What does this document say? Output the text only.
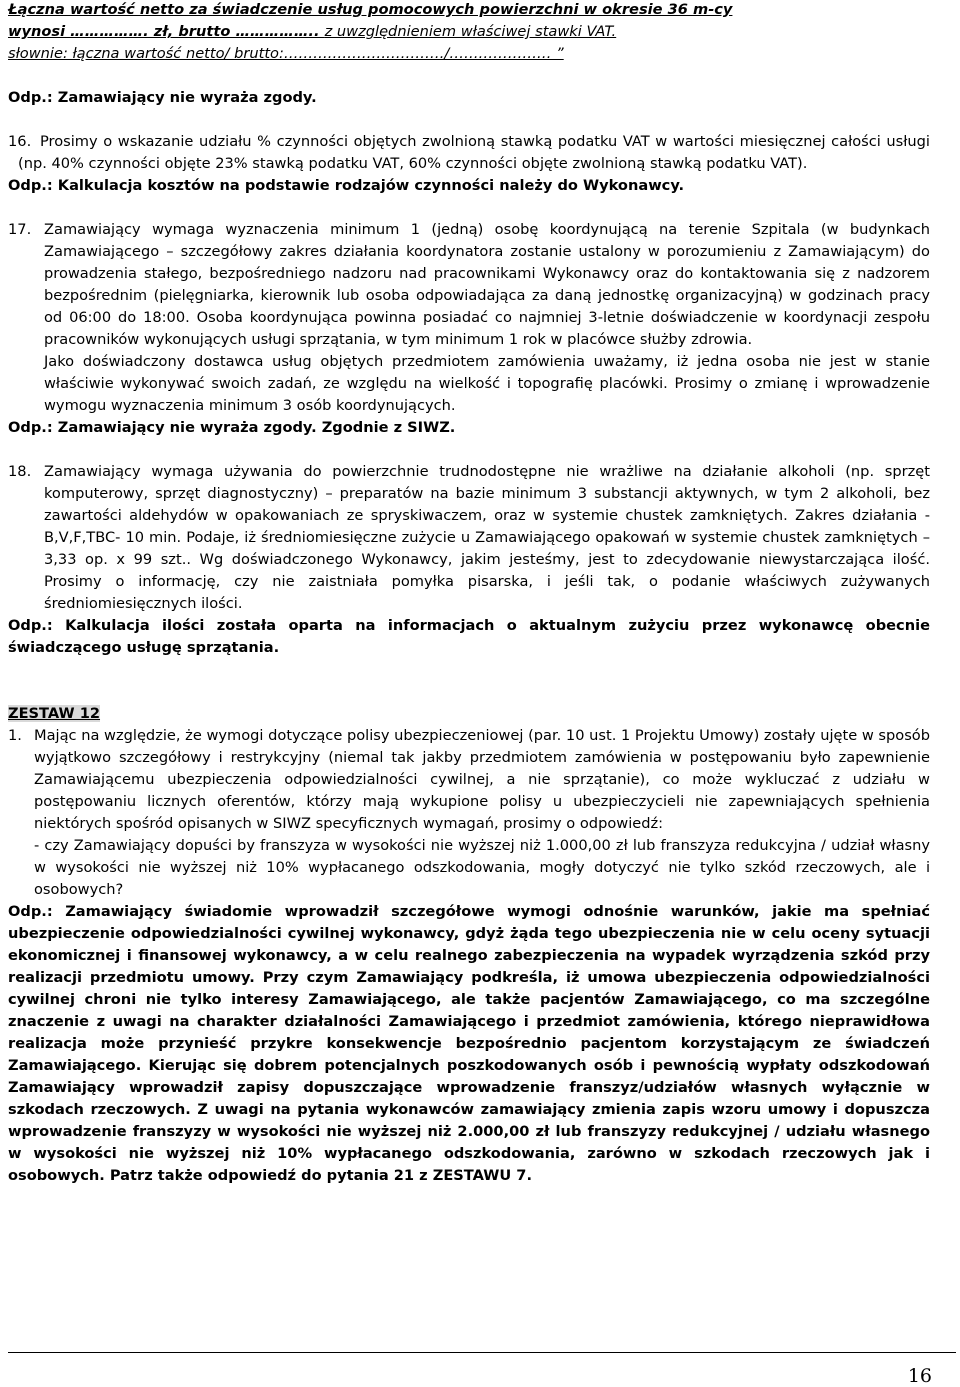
Łączna wartość netto za świadczenie usług pomocowych powierzchni w okresie 36 m-cy

wynosi ……………. zł, brutto …………….. z uwzględnieniem właściwej stawki VAT.

słownie: łączna wartość netto/ brutto:……………………………/………………… ”

Odp.: Zamawiający nie wyraża zgody.

16. Prosimy o wskazanie udziału % czynności objętych zwolnioną stawką podatku VAT w wartości miesięcznej całości usługi (np. 40% czynności objęte 23% stawką podatku VAT, 60% czynności objęte zwolnioną stawką podatku VAT).

Odp.: Kalkulacja kosztów na podstawie rodzajów czynności należy do Wykonawcy.

17. Zamawiający wymaga wyznaczenia minimum 1 (jedną) osobę koordynującą na terenie Szpitala (w budynkach Zamawiającego – szczegółowy zakres działania koordynatora zostanie ustalony w porozumieniu z Zamawiającym) do prowadzenia stałego, bezpośredniego nadzoru nad pracownikami Wykonawcy oraz do kontaktowania się z nadzorem bezpośrednim (pielęgniarka, kierownik lub osoba odpowiadająca za daną jednostkę organizacyjną) w godzinach pracy od 06:00 do 18:00. Osoba koordynująca powinna posiadać co najmniej 3-letnie doświadczenie w koordynacji zespołu pracowników wykonujących usługi sprzątania, w tym minimum 1 rok w placówce służby zdrowia.

Jako doświadczony dostawca usług objętych przedmiotem zamówienia uważamy, iż jedna osoba nie jest w stanie właściwie wykonywać swoich zadań, ze względu na wielkość i topografię placówki. Prosimy o zmianę i wprowadzenie wymogu wyznaczenia minimum 3 osób koordynujących.

Odp.: Zamawiający nie wyraża zgody. Zgodnie z SIWZ.

18. Zamawiający wymaga używania do powierzchnie trudnodostępne nie wrażliwe na działanie alkoholi (np. sprzęt komputerowy, sprzęt diagnostyczny) – preparatów na bazie minimum 3 substancji aktywnych, w tym 2 alkoholi, bez zawartości aldehydów w opakowaniach ze spryskiwaczem, oraz w systemie chustek zamkniętych. Zakres działania -B,V,F,TBC- 10 min. Podaje, iż średniomiesięczne zużycie u Zamawiającego opakowań w systemie chustek zamkniętych – 3,33 op. x 99 szt.. Wg doświadczonego Wykonawcy, jakim jesteśmy, jest to zdecydowanie niewystarczająca ilość. Prosimy o informację, czy nie zaistniała pomyłka pisarska, i jeśli tak, o podanie właściwych zużywanych średniomiesięcznych ilości.

Odp.: Kalkulacja ilości została oparta na informacjach o aktualnym zużyciu przez wykonawcę obecnie świadczącego usługę sprzątania.

ZESTAW 12

1. Mając na względzie, że wymogi dotyczące polisy ubezpieczeniowej (par. 10 ust. 1 Projektu Umowy) zostały ujęte w sposób wyjątkowo szczegółowy i restrykcyjny (niemal tak jakby przedmiotem zamówienia w postępowaniu było zapewnienie Zamawiającemu ubezpieczenia odpowiedzialności cywilnej, a nie sprzątanie), co może wykluczać z udziału w postępowaniu licznych oferentów, którzy mają wykupione polisy u ubezpieczycieli nie zapewniających spełnienia niektórych spośród opisanych w SIWZ specyficznych wymagań, prosimy o odpowiedź:

- czy Zamawiający dopuści by franszyza w wysokości nie wyższej niż 1.000,00 zł lub franszyza redukcyjna / udział własny w wysokości nie wyższej niż 10% wypłacanego odszkodowania, mogły dotyczyć nie tylko szkód rzeczowych, ale i osobowych?

Odp.: Zamawiający świadomie wprowadził szczegółowe wymogi odnośnie warunków, jakie ma spełniać ubezpieczenie odpowiedzialności cywilnej wykonawcy, gdyż żąda tego ubezpieczenia nie w celu oceny sytuacji ekonomicznej i finansowej wykonawcy, a w celu realnego zabezpieczenia na wypadek wyrządzenia szkód przy realizacji przedmiotu umowy. Przy czym Zamawiający podkreśla, iż umowa ubezpieczenia odpowiedzialności cywilnej chroni nie tylko interesy Zamawiającego, ale także pacjentów Zamawiającego, co ma szczególne znaczenie z uwagi na charakter działalności Zamawiającego i przedmiot zamówienia, którego nieprawidłowa realizacja może przynieść przykre konsekwencje bezpośrednio pacjentom korzystającym ze świadczeń Zamawiającego. Kierując się dobrem potencjalnych poszkodowanych osób i pewnością wypłaty odszkodowań Zamawiający wprowadził zapisy dopuszczające wprowadzenie franszyz/udziałów własnych wyłącznie w szkodach rzeczowych. Z uwagi na pytania wykonawców zamawiający zmienia zapis wzoru umowy i dopuszcza wprowadzenie franszyzy w wysokości nie wyższej niż 2.000,00 zł lub franszyzy redukcyjnej / udziału własnego w wysokości nie wyższej niż 10% wypłacanego odszkodowania, zarówno w szkodach rzeczowych jak i osobowych. Patrz także odpowiedź do pytania 21 z ZESTAWU 7.

16
